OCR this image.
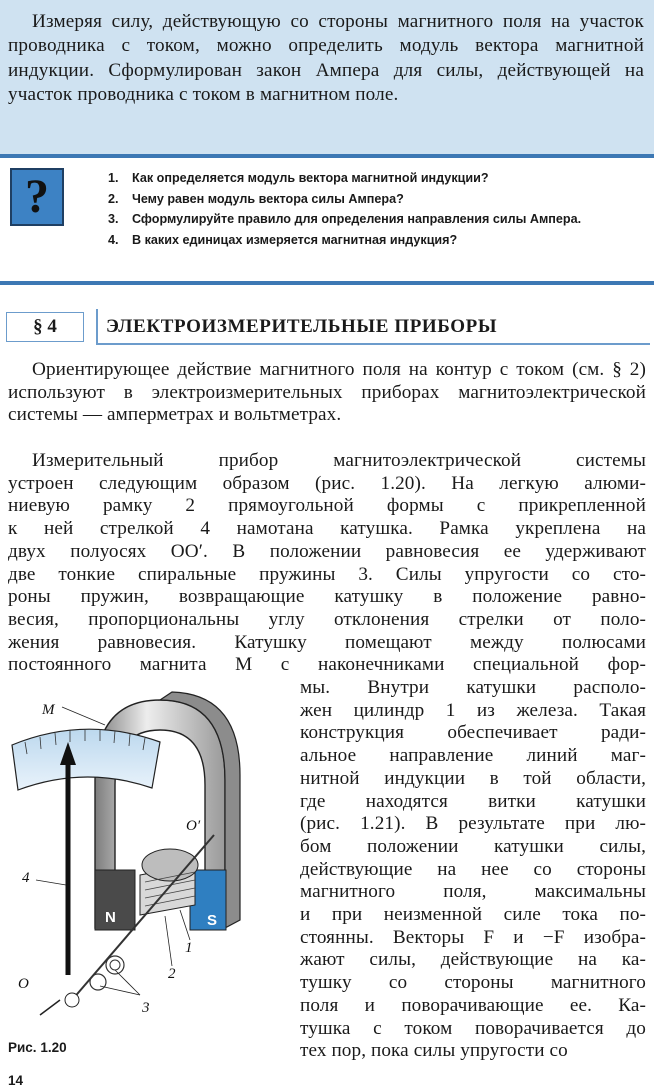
Измеряя силу, действующую со стороны магнитного поля на участок проводника с током, можно определить модуль вектора магнитной индукции. Сформулирован закон Ампера для силы, действующей на участок проводника с током в магнитном поле.

?	1. Как определяется модуль вектора магнитной индукции?
2. Чему равен модуль вектора силы Ампера?
3. Сформулируйте правило для определения направления силы Ампера.
4. В каких единицах измеряется магнитная индукция?
§ 4	ЭЛЕКТРОИЗМЕРИТЕЛЬНЫЕ ПРИБОРЫ

Ориентирующее действие магнитного поля на контур с током (см. § 2) используют в электроизмерительных приборах магнитоэлектрической системы — амперметрах и вольтметрах.

Измерительный прибор магнитоэлектрической системы

устроен следующим образом (рис. 1.20). На легкую алюми-

ниевую рамку 2 прямоугольной формы с прикрепленной

к ней стрелкой 4 намотана катушка. Рамка укреплена на

двух полуосях OO′. В положении равновесия ее удерживают

две тонкие спиральные пружины 3. Силы упругости со сто-

роны пружин, возвращающие катушку в положение равно-

весия, пропорциональны углу отклонения стрелки от поло-

жения равновесия. Катушку помещают между полюсами

постоянного магнита M с наконечниками специальной фор-

мы. Внутри катушки располо-

жен цилиндр 1 из железа. Такая

конструкция обеспечивает ради-

альное направление линий маг-

нитной индукции в той области,

где находятся витки катушки

(рис. 1.21). В результате при лю-

бом положении катушки силы,

действующие на нее со стороны

магнитного поля, максимальны

и при неизменной силе тока по-

стоянны. Векторы F и −F изобра-

жают силы, действующие на ка-

тушку со стороны магнитного

поля и поворачивающие ее. Ка-

тушка с током поворачивается до

тех пор, пока силы упругости со

N	S
M
O′
4
O
1
2
3
Рис. 1.20
14
